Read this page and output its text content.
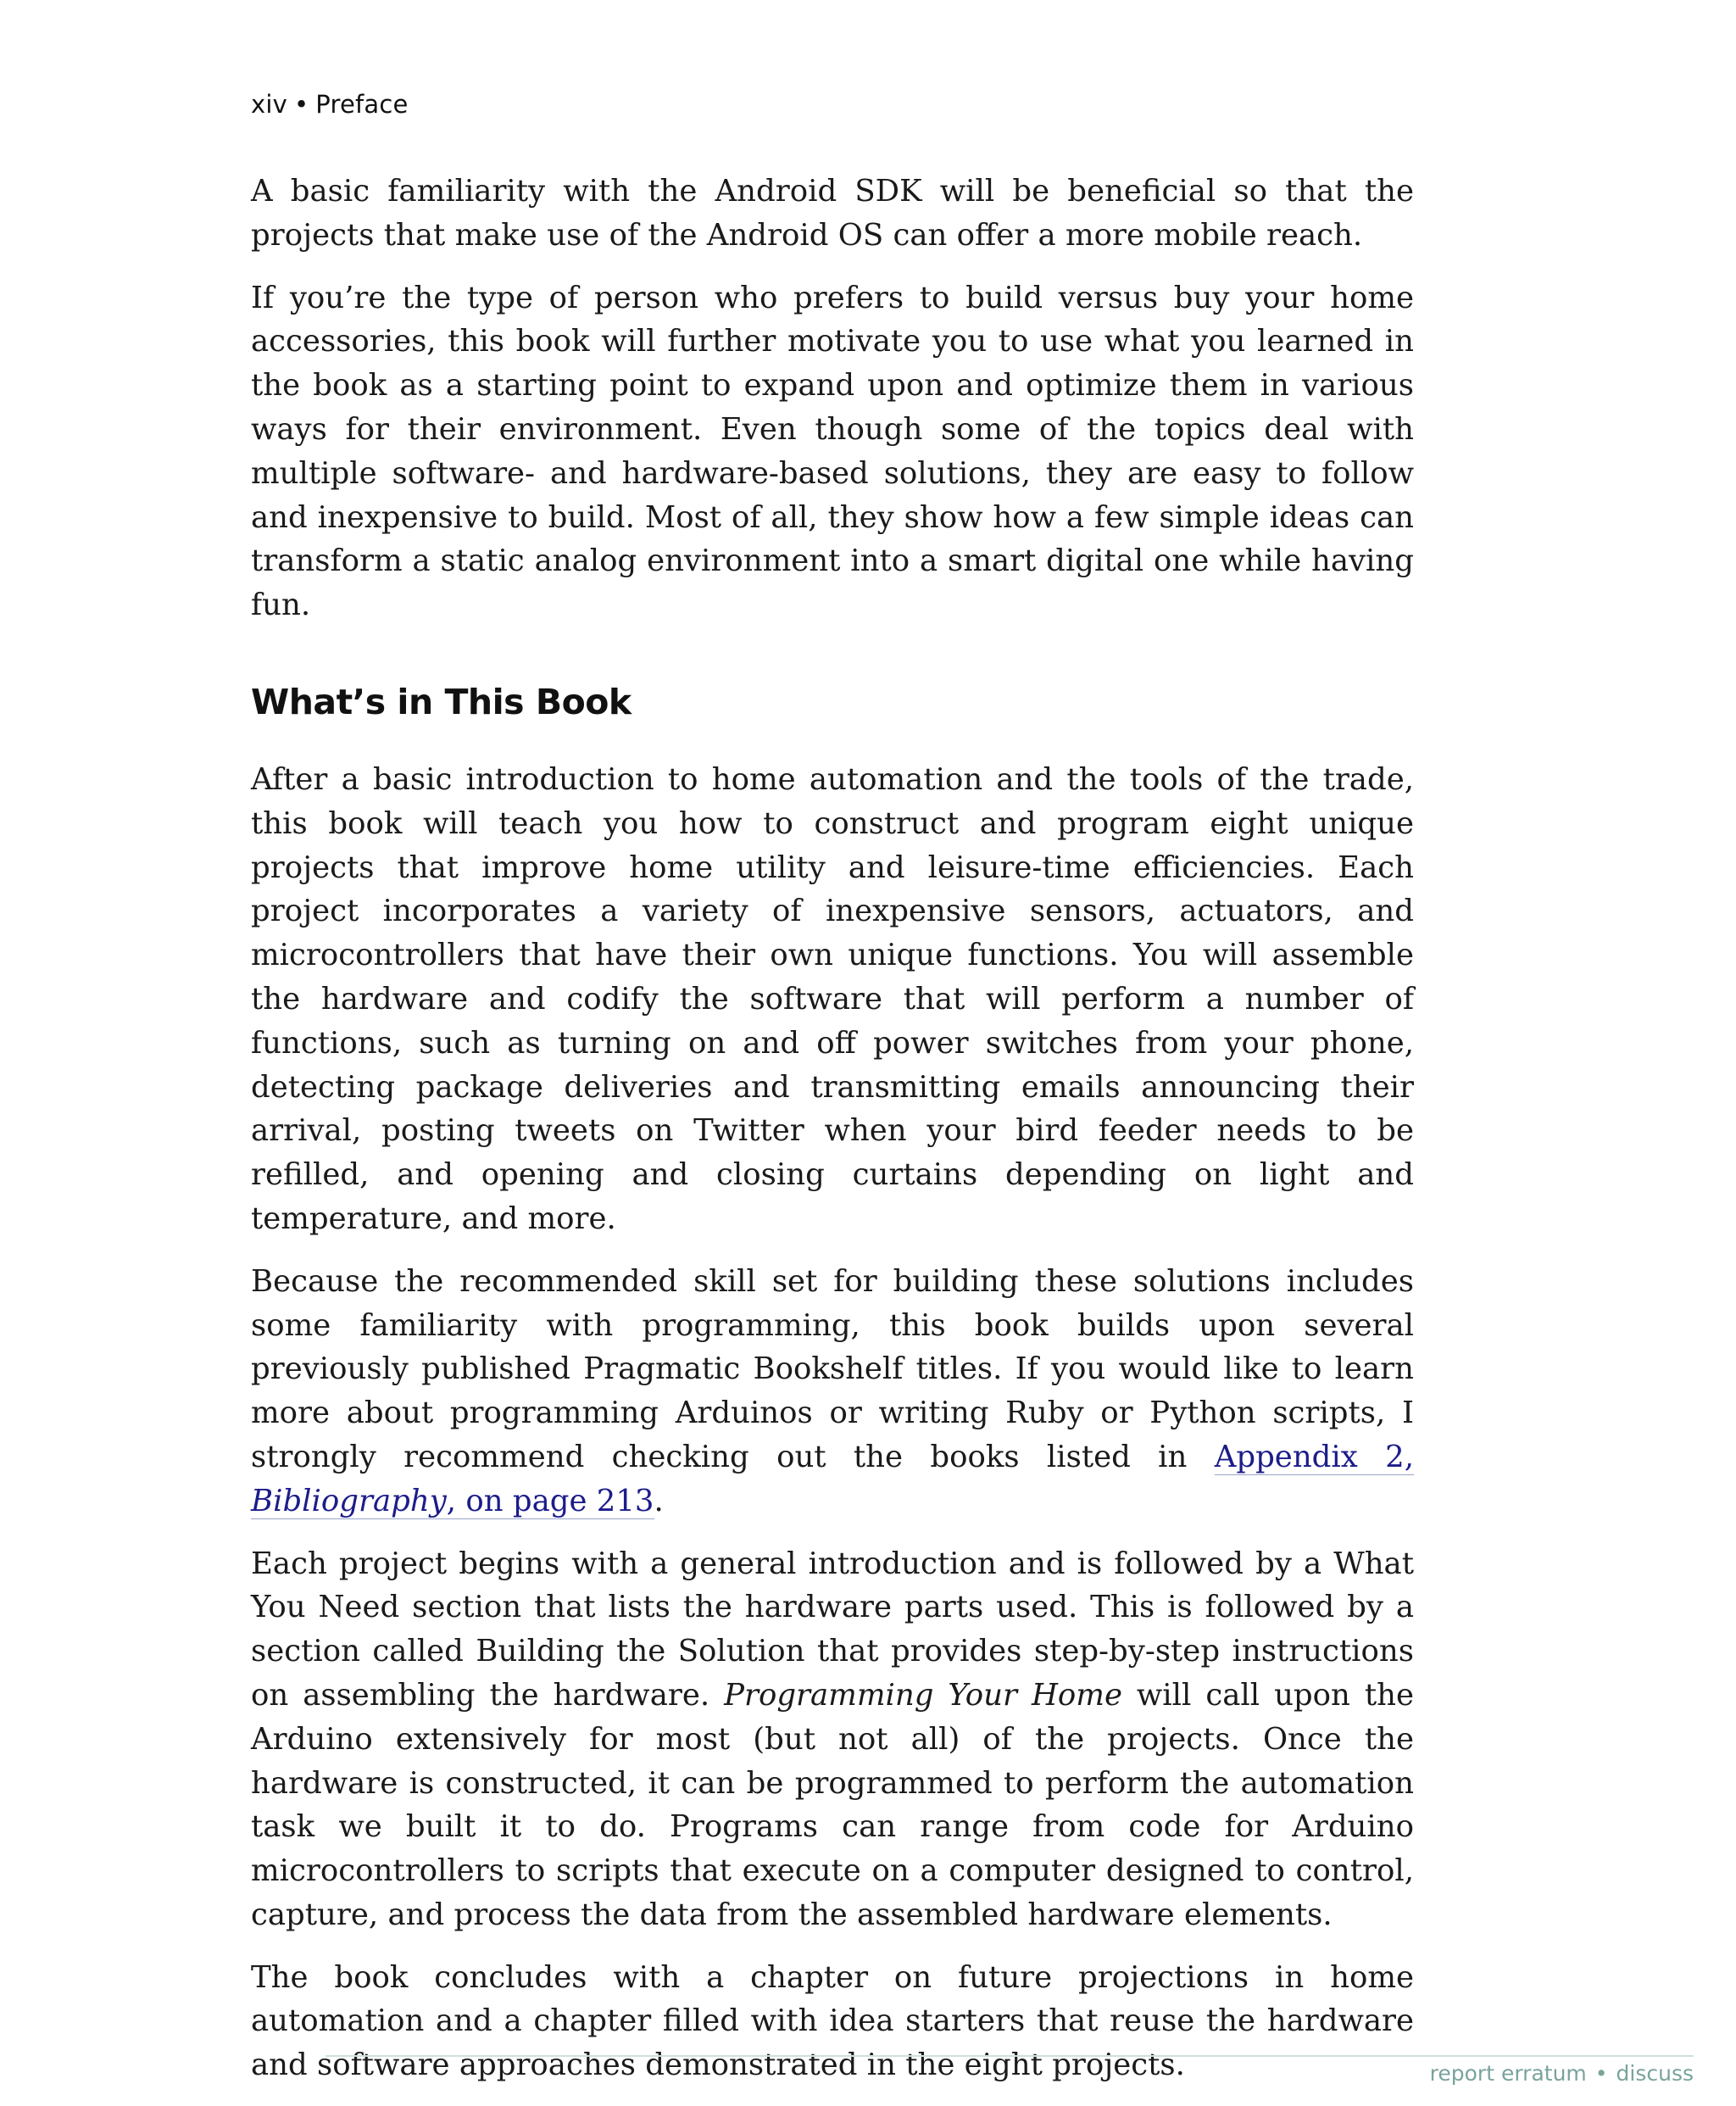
xiv • Preface

A basic familiarity with the Android SDK will be beneficial so that the projects that make use of the Android OS can offer a more mobile reach.

If you’re the type of person who prefers to build versus buy your home accessories, this book will further motivate you to use what you learned in the book as a starting point to expand upon and optimize them in various ways for their environment. Even though some of the topics deal with multiple software- and hardware-based solutions, they are easy to follow and inexpensive to build. Most of all, they show how a few simple ideas can transform a static analog environment into a smart digital one while having fun.

What’s in This Book

After a basic introduction to home automation and the tools of the trade, this book will teach you how to construct and program eight unique projects that improve home utility and leisure-time efficiencies. Each project incorporates a variety of inexpensive sensors, actuators, and microcontrollers that have their own unique functions. You will assemble the hardware and codify the software that will perform a number of functions, such as turning on and off power switches from your phone, detecting package deliveries and transmitting emails announcing their arrival, posting tweets on Twitter when your bird feeder needs to be refilled, and opening and closing curtains depending on light and temperature, and more.

Because the recommended skill set for building these solutions includes some familiarity with programming, this book builds upon several previously published Pragmatic Bookshelf titles. If you would like to learn more about programming Arduinos or writing Ruby or Python scripts, I strongly recommend checking out the books listed in Appendix 2, Bibliography, on page 213.

Each project begins with a general introduction and is followed by a What You Need section that lists the hardware parts used. This is followed by a section called Building the Solution that provides step-by-step instructions on assembling the hardware. Programming Your Home will call upon the Arduino extensively for most (but not all) of the projects. Once the hardware is constructed, it can be programmed to perform the automation task we built it to do. Programs can range from code for Arduino microcontrollers to scripts that execute on a computer designed to control, capture, and process the data from the assembled hardware elements.

The book concludes with a chapter on future projections in home automation and a chapter filled with idea starters that reuse the hardware and software approaches demonstrated in the eight projects.	report erratum • discuss
